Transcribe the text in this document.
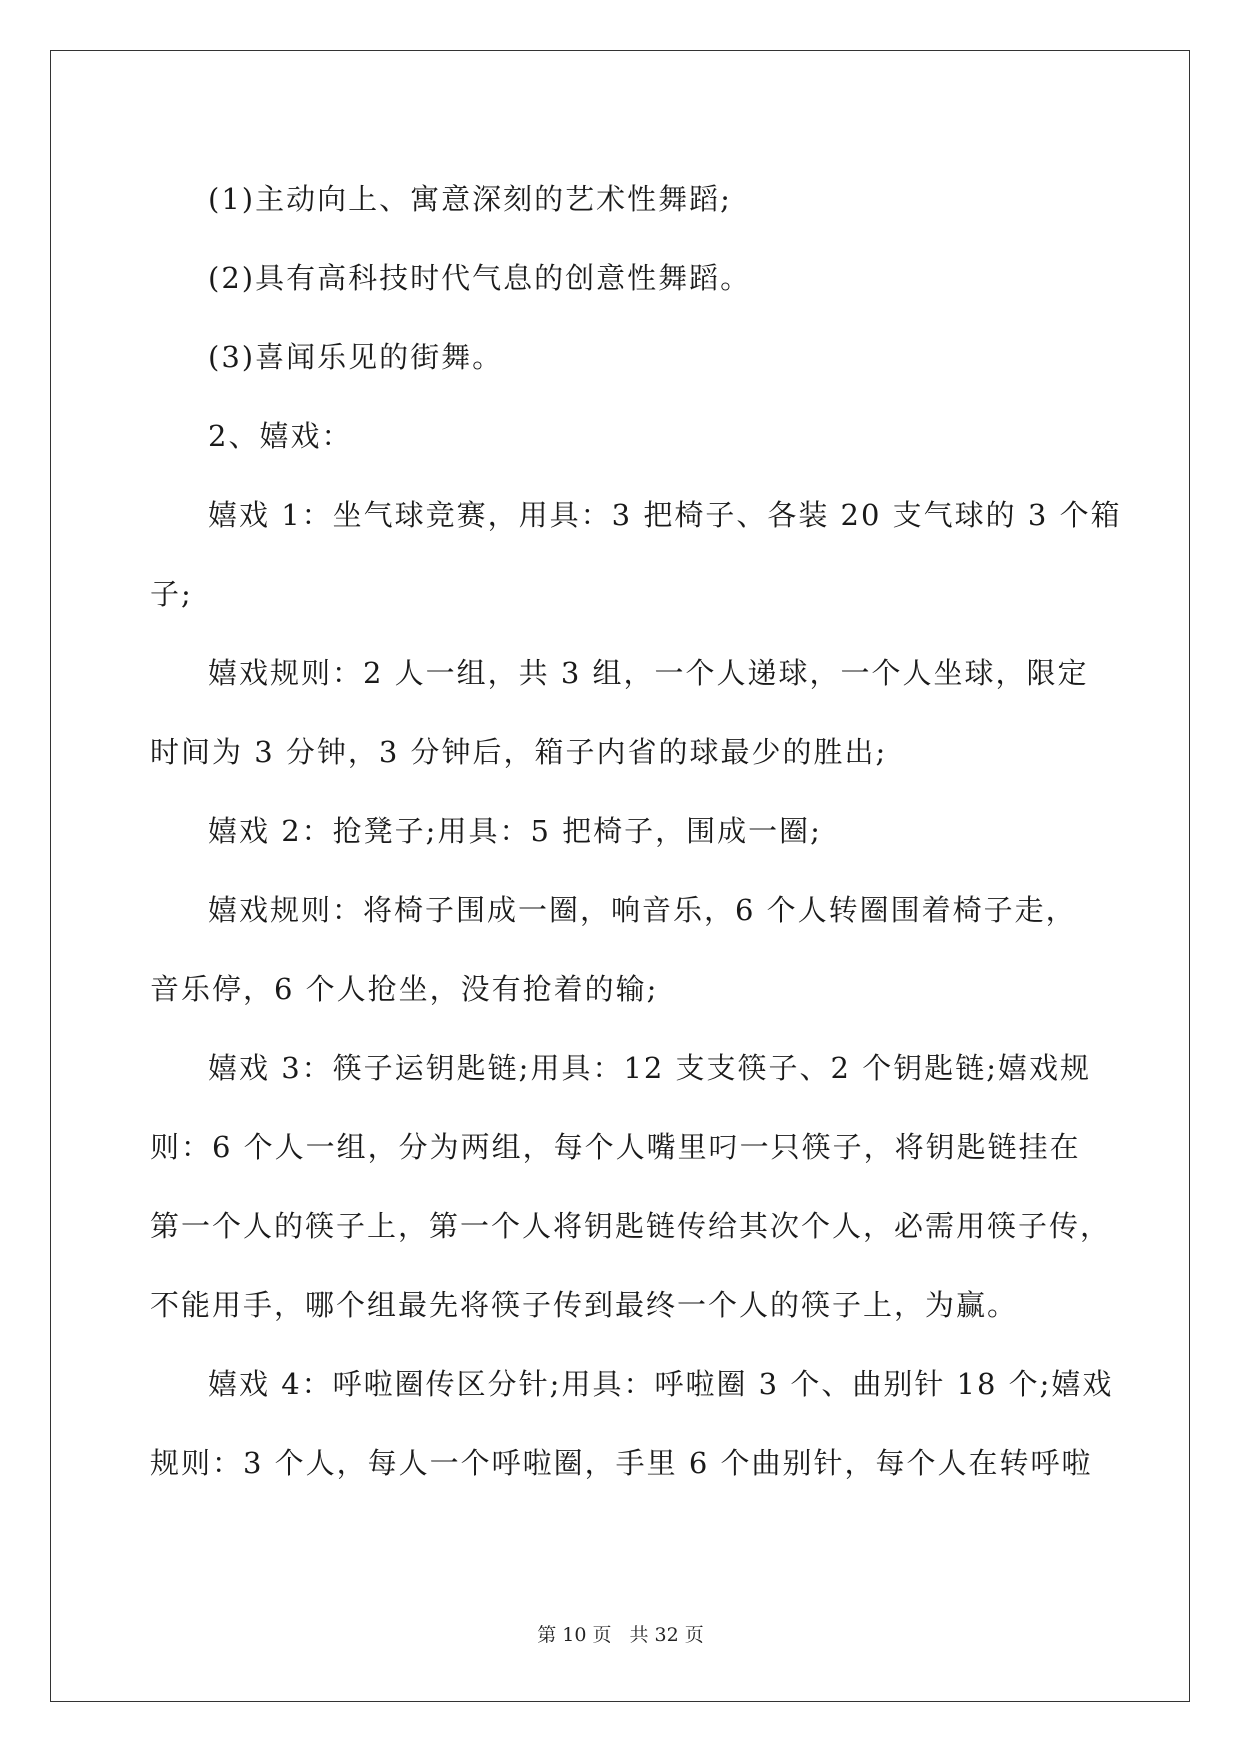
(1)主动向上、寓意深刻的艺术性舞蹈;

(2)具有高科技时代气息的创意性舞蹈。

(3)喜闻乐见的街舞。

2、嬉戏：

嬉戏 1：坐气球竞赛，用具：3 把椅子、各装 20 支气球的 3 个箱

子;

嬉戏规则：2 人一组，共 3 组，一个人递球，一个人坐球，限定

时间为 3 分钟，3 分钟后，箱子内省的球最少的胜出;

嬉戏 2：抢凳子;用具：5 把椅子，围成一圈;

嬉戏规则：将椅子围成一圈，响音乐，6 个人转圈围着椅子走，

音乐停，6 个人抢坐，没有抢着的输;

嬉戏 3：筷子运钥匙链;用具：12 支支筷子、2 个钥匙链;嬉戏规

则：6 个人一组，分为两组，每个人嘴里叼一只筷子，将钥匙链挂在

第一个人的筷子上，第一个人将钥匙链传给其次个人，必需用筷子传，

不能用手，哪个组最先将筷子传到最终一个人的筷子上，为赢。

嬉戏 4：呼啦圈传区分针;用具：呼啦圈 3 个、曲别针 18 个;嬉戏

规则：3 个人，每人一个呼啦圈，手里 6 个曲别针，每个人在转呼啦

第 10 页 共 32 页
